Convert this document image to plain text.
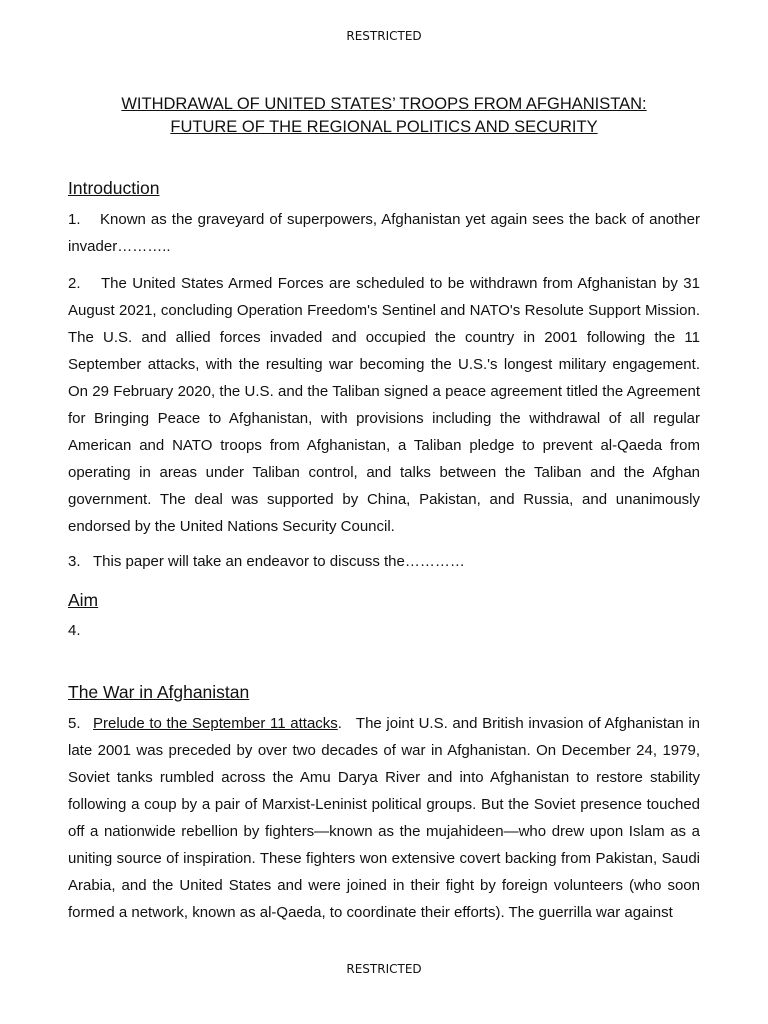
RESTRICTED
WITHDRAWAL OF UNITED STATES’ TROOPS FROM AFGHANISTAN:
FUTURE OF THE REGIONAL POLITICS AND SECURITY
Introduction
1. Known as the graveyard of superpowers, Afghanistan yet again sees the back of another invader………..
2. The United States Armed Forces are scheduled to be withdrawn from Afghanistan by 31 August 2021, concluding Operation Freedom's Sentinel and NATO's Resolute Support Mission. The U.S. and allied forces invaded and occupied the country in 2001 following the 11 September attacks, with the resulting war becoming the U.S.'s longest military engagement. On 29 February 2020, the U.S. and the Taliban signed a peace agreement titled the Agreement for Bringing Peace to Afghanistan, with provisions including the withdrawal of all regular American and NATO troops from Afghanistan, a Taliban pledge to prevent al-Qaeda from operating in areas under Taliban control, and talks between the Taliban and the Afghan government. The deal was supported by China, Pakistan, and Russia, and unanimously endorsed by the United Nations Security Council.
3. This paper will take an endeavor to discuss the…………
Aim
4.
The War in Afghanistan
5. Prelude to the September 11 attacks.   The joint U.S. and British invasion of Afghanistan in late 2001 was preceded by over two decades of war in Afghanistan. On December 24, 1979, Soviet tanks rumbled across the Amu Darya River and into Afghanistan to restore stability following a coup by a pair of Marxist-Leninist political groups. But the Soviet presence touched off a nationwide rebellion by fighters—known as the mujahideen—who drew upon Islam as a uniting source of inspiration. These fighters won extensive covert backing from Pakistan, Saudi Arabia, and the United States and were joined in their fight by foreign volunteers (who soon formed a network, known as al-Qaeda, to coordinate their efforts). The guerrilla war against
RESTRICTED
